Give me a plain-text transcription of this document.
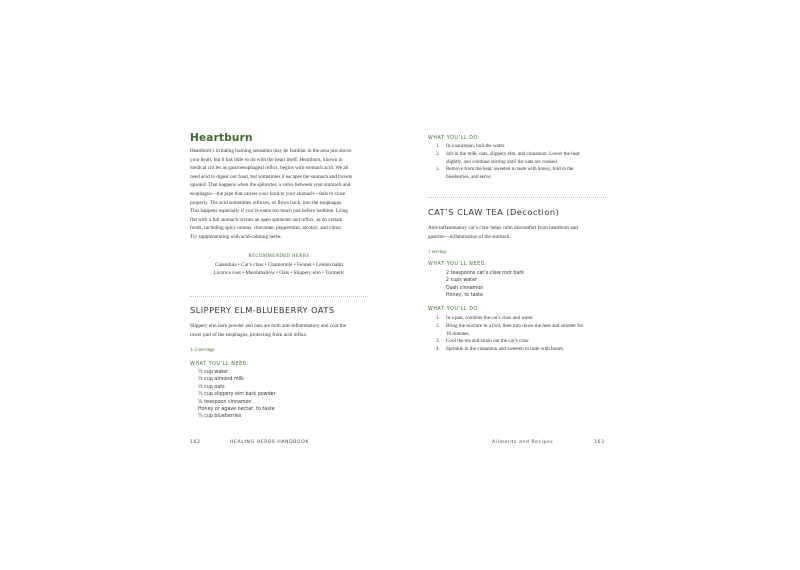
Heartburn
Heartburn’s irritating burning sensation may be familiar in the area just above
your heart, but it has little to do with the heart itself. Heartburn, known in
medical circles as gastroesophageal reflux, begins with stomach acid. We all
need acid to digest our food, but sometimes it escapes the stomach and travels
upward. That happens when the sphincter, a valve between your stomach and
esophagus—the pipe that carries your food to your stomach—fails to close
properly. The acid sometimes refluxes, or flows back, into the esophagus.
This happens especially if you’re eaten too much just before bedtime. Lying
flat with a full stomach invites an open sphincter and reflux, as do certain
foods, including spicy onions, chocolate, peppermint, alcohol, and citrus.
Try supplementing with acid-calming herbs.
RECOMMENDED HERBS
Calendula • Cat’s claw • Chamomile • Fennel • Lemon balm
Licorice root • Marshmallow • Oats • Slippery elm • Turmeric
SLIPPERY ELM-BLUEBERRY OATS
Slippery elm bark powder and oats are both anti-inflammatory and coat the
lower part of the esophagus, protecting from acid reflux.
1–2 servings
WHAT YOU’LL NEED:
½ cup water
½ cup almond milk
½ cup oats
¼ cup slippery elm bark powder
½ teaspoon cinnamon
Honey or agave nectar, to taste
¼ cup blueberries
162	HEALING HERBS HANDBOOK
WHAT YOU’LL DO:
1. In a saucepan, boil the water.
2. Stir in the milk, oats, slippery elm, and cinnamon. Lower the heat
slightly, and continue stirring until the oats are cooked.
3. Remove from the heat, sweeten to taste with honey, fold in the
blueberries, and serve.
CAT’S CLAW TEA (Decoction)
Anti-inflammatory cat’s claw helps calm discomfort from heartburn and
gastritis—inflammation of the stomach.
1 serving
WHAT YOU’LL NEED:
2 teaspoons cat’s claw root bark
2 cups water
Dash cinnamon
Honey, to taste
WHAT YOU’LL DO:
1. In a pan, combine the cat’s claw and water.
2. Bring the mixture to a boil, then turn down the heat and simmer for
10 minutes.
3. Cool the tea and strain out the cat’s claw.
4. Sprinkle in the cinnamon and sweeten to taste with honey.
Ailments and Recipes	163
